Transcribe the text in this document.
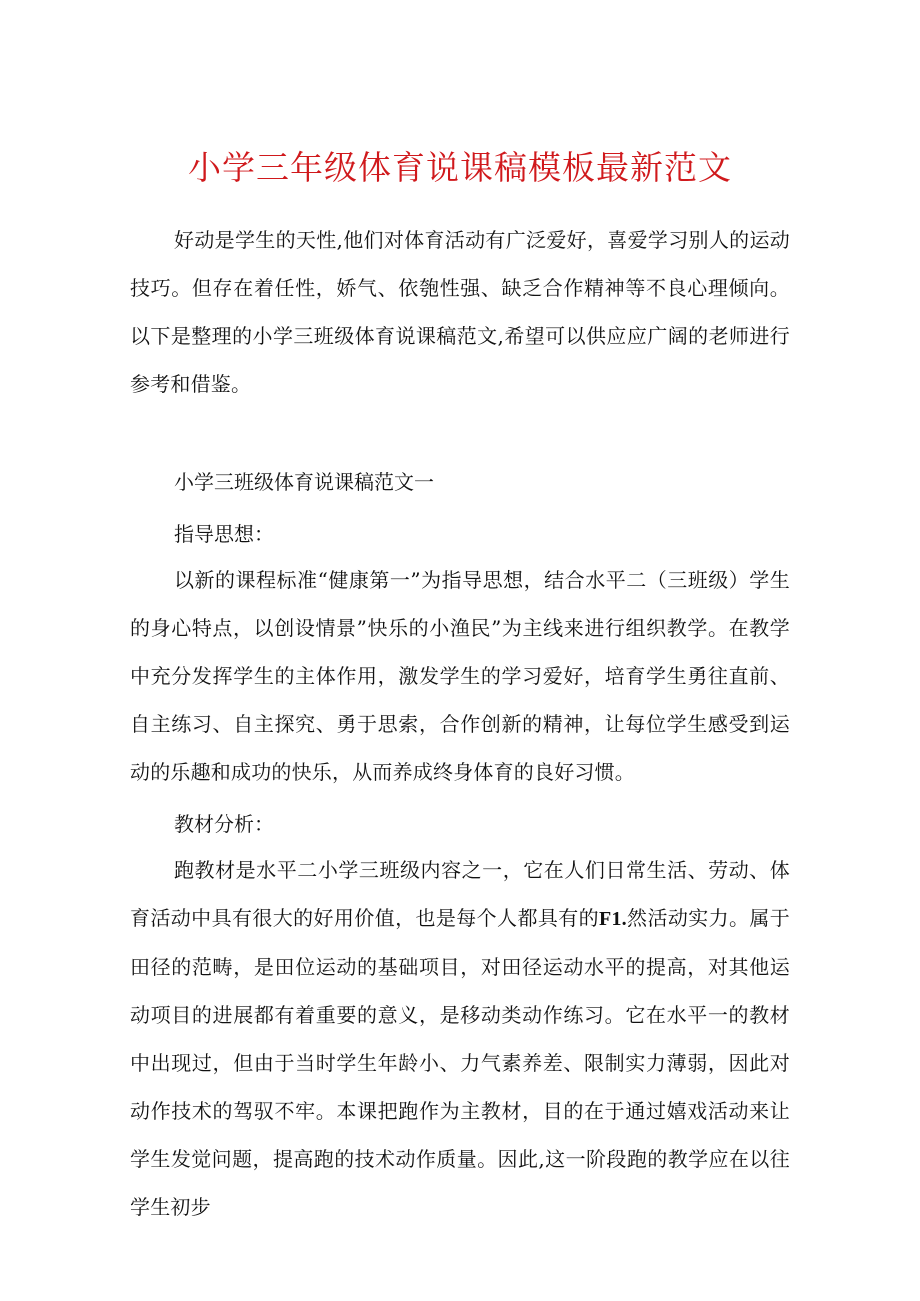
小学三年级体育说课稿模板最新范文

好动是学生的天性,他们对体育活动有广泛爱好，喜爱学习别人的运动技巧。但存在着任性，娇气、依匏性强、缺乏合作精神等不良心理倾向。以下是整理的小学三班级体育说课稿范文,希望可以供应应广阔的老师进行参考和借鉴。

小学三班级体育说课稿范文一

指导思想：

以新的课程标准“健康第一”为指导思想，结合水平二（三班级）学生的身心特点，以创设情景”快乐的小渔民”为主线来进行组织教学。在教学中充分发挥学生的主体作用，激发学生的学习爱好，培育学生勇往直前、自主练习、自主探究、勇于思索，合作创新的精神，让每位学生感受到运动的乐趣和成功的快乐，从而养成终身体育的良好习惯。

教材分析：

跑教材是水平二小学三班级内容之一，它在人们日常生活、劳动、体育活动中具有很大的好用价值，也是每个人都具有的F1.然活动实力。属于田径的范畴，是田位运动的基础项目，对田径运动水平的提高，对其他运动项目的进展都有着重要的意义，是移动类动作练习。它在水平一的教材中出现过，但由于当时学生年龄小、力气素养差、限制实力薄弱，因此对动作技术的驾驭不牢。本课把跑作为主教材，目的在于通过嬉戏活动来让学生发觉问题，提高跑的技术动作质量。因此,这一阶段跑的教学应在以往学生初步
